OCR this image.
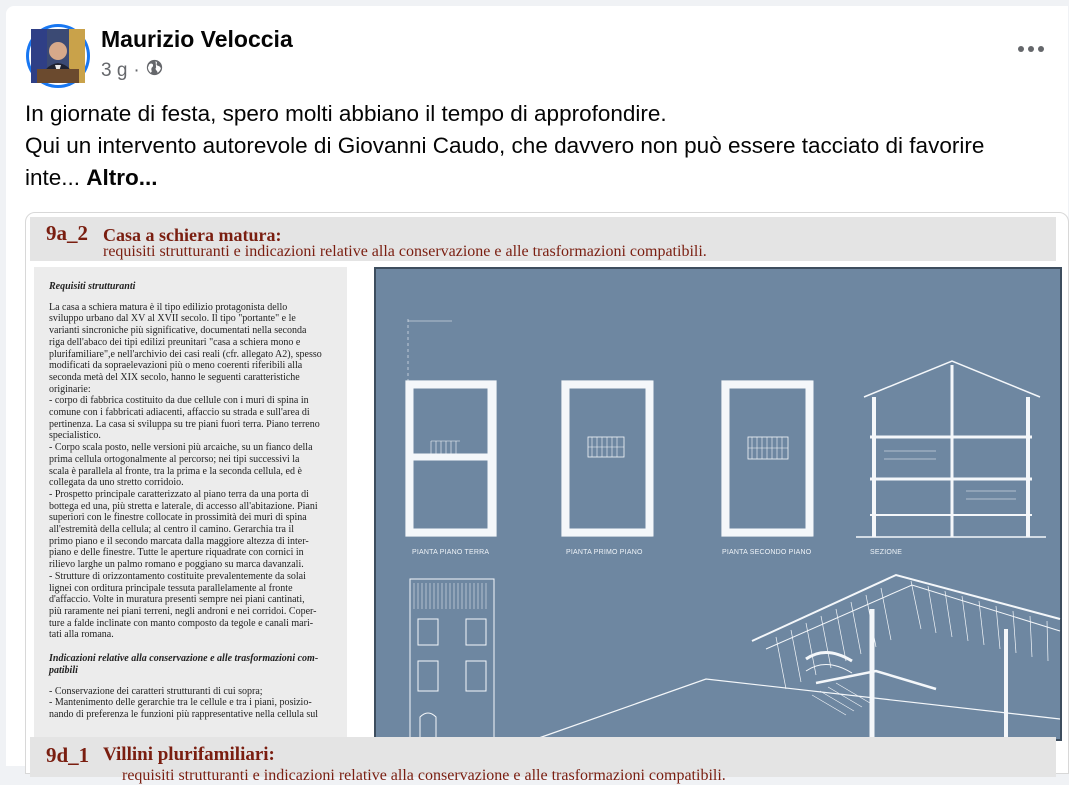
Maurizio Veloccia
3 g ·

In giornate di festa, spero molti abbiano il tempo di approfondire.

Qui un intervento autorevole di Giovanni Caudo, che davvero non può essere tacciato di favorire

inte... Altro...

9a_2 Casa a schiera matura:
requisiti strutturanti e indicazioni relative alla conservazione e alle trasformazioni compatibili.
Requisiti strutturanti
La casa a schiera matura è il tipo edilizio protagonista dello
sviluppo urbano dal XV al XVII secolo. Il tipo "portante" e le
varianti sincroniche più significative, documentati nella seconda
riga dell'abaco dei tipi edilizi preunitari "casa a schiera mono e
plurifamiliare",e nell'archivio dei casi reali (cfr. allegato A2), spesso
modificati da sopraelevazioni più o meno coerenti riferibili alla
seconda metà del XIX secolo, hanno le seguenti caratteristiche
originarie:
- corpo di fabbrica costituito da due cellule con i muri di spina in
comune con i fabbricati adiacenti, affaccio su strada e sull'area di
pertinenza. La casa si sviluppa su tre piani fuori terra. Piano terreno
specialistico.
- Corpo scala posto, nelle versioni più arcaiche, su un fianco della
prima cellula ortogonalmente al percorso; nei tipi successivi la
scala è parallela al fronte, tra la prima e la seconda cellula, ed è
collegata da uno stretto corridoio.
- Prospetto principale caratterizzato al piano terra da una porta di
bottega ed una, più stretta e laterale, di accesso all'abitazione. Piani
superiori con le finestre collocate in prossimità dei muri di spina
all'estremità della cellula; al centro il camino. Gerarchia tra il
primo piano e il secondo marcata dalla maggiore altezza di inter-
piano e delle finestre. Tutte le aperture riquadrate con cornici in
rilievo larghe un palmo romano e poggiano su marca davanzali.
- Strutture di orizzontamento costituite prevalentemente da solai
lignei con orditura principale tessuta parallelamente al fronte
d'affaccio. Volte in muratura presenti sempre nei piani cantinati,
più raramente nei piani terreni, negli androni e nei corridoi. Coper-
ture a falde inclinate con manto composto da tegole e canali mari-
tati alla romana.
Indicazioni relative alla conservazione e alle trasformazioni com-
patibili
- Conservazione dei caratteri strutturanti di cui sopra;
- Mantenimento delle gerarchie tra le cellule e tra i piani, posizio-
nando di preferenza le funzioni più rappresentative nella cellula sul
PIANTA PIANO TERRA	PIANTA PRIMO PIANO	PIANTA SECONDO PIANO	SEZIONE
9d_1 Villini plurifamiliari:
requisiti strutturanti e indicazioni relative alla conservazione e alle trasformazioni compatibili.
